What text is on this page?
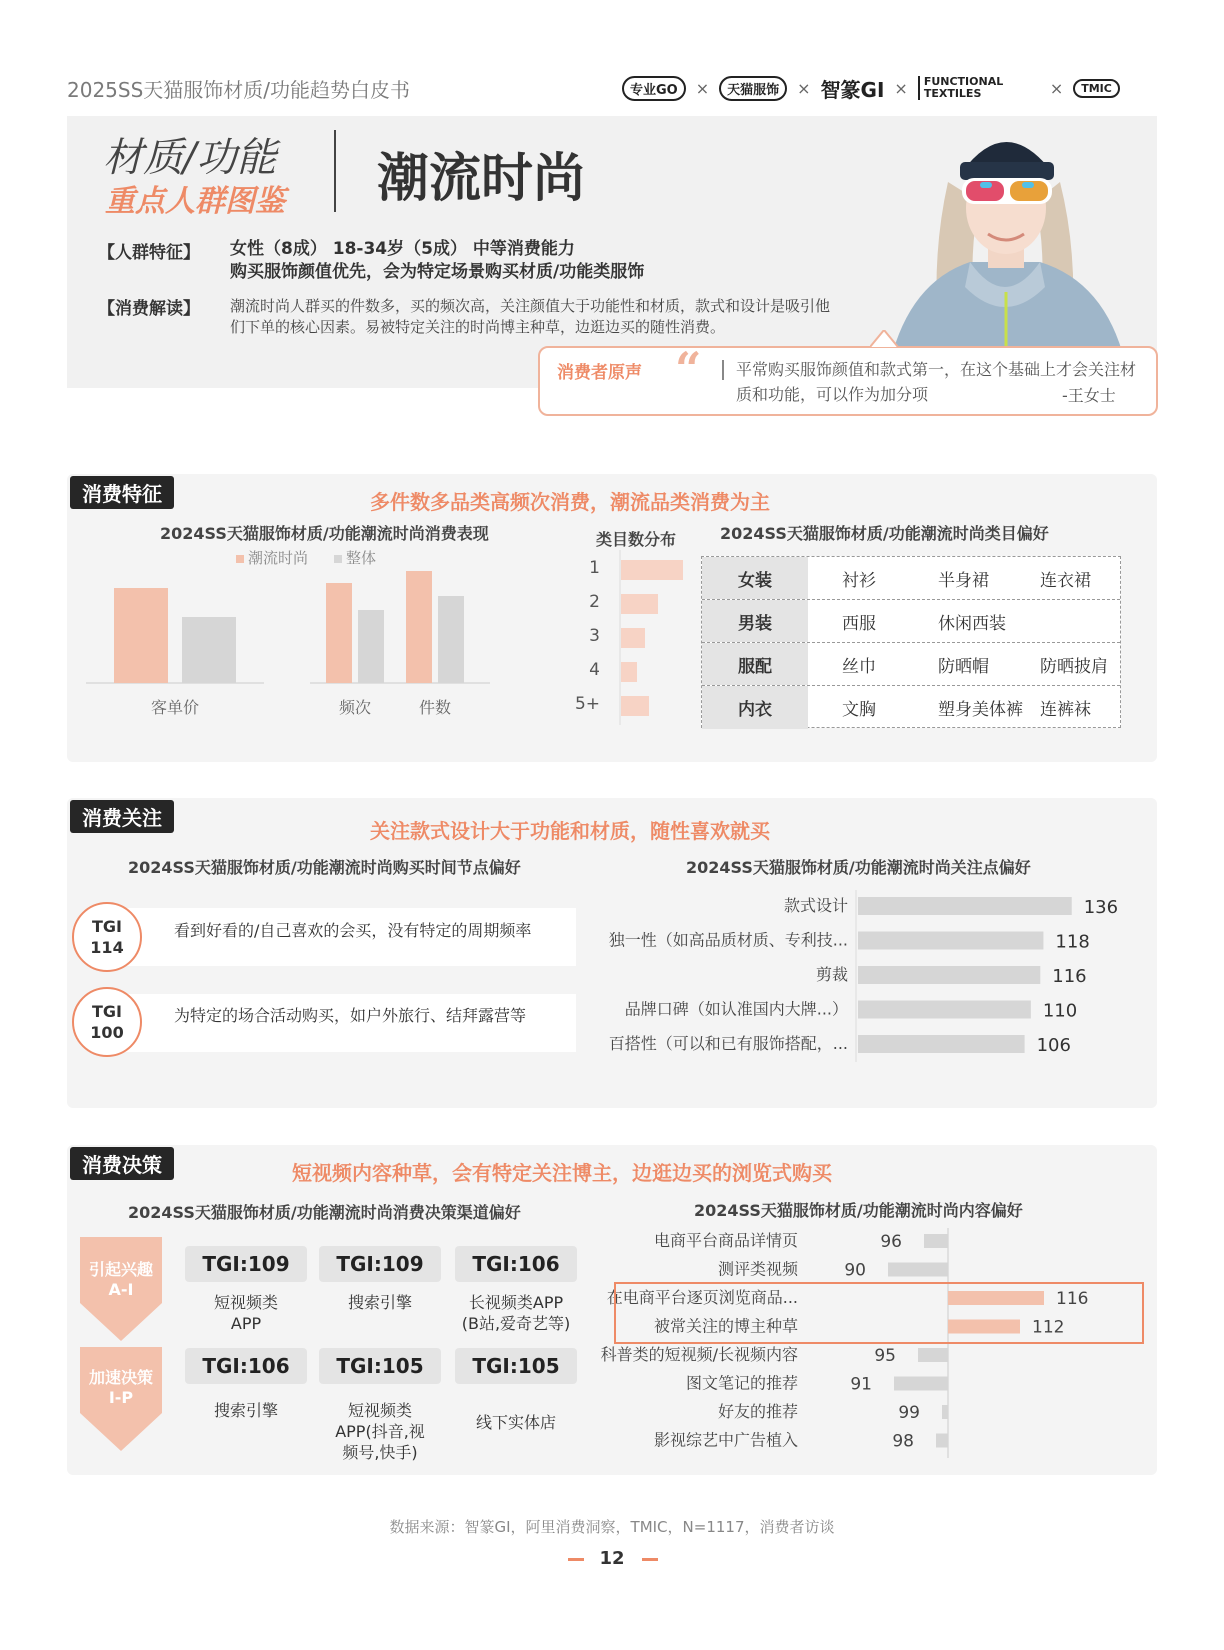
2025SS天猫服饰材质/功能趋势白皮书	专业GO	×	天猫服饰	× 智篆GI ×	FUNCTIONAL TEXTILES	×	TMIC
材质/功能
重点人群图鉴 潮流时尚
【人群特征】 女性（8成） 18-34岁（5成） 中等消费能力
购买服饰颜值优先，会为特定场景购买材质/功能类服饰
【消费解读】 潮流时尚人群买的件数多，买的频次高，关注颜值大于功能性和材质，款式和设计是吸引他们下单的核心因素。易被特定关注的时尚博主种草，边逛边买的随性消费。
消费者原声 “ 平常购买服饰颜值和款式第一，在这个基础上才会关注材质和功能，可以作为加分项	-王女士
消费特征	多件数多品类高频次消费，潮流品类消费为主
2024SS天猫服饰材质/功能潮流时尚消费表现	类目数分布	2024SS天猫服饰材质/功能潮流时尚类目偏好
潮流时尚	整体
客单价	频次	件数
1
2
3
4
5+
女装	衬衫	半身裙	连衣裙
男装	西服	休闲西装
服配	丝巾	防晒帽	防晒披肩
内衣	文胸	塑身美体裤 连裤袜
消费关注
关注款式设计大于功能和材质，随性喜欢就买
2024SS天猫服饰材质/功能潮流时尚购买时间节点偏好	2024SS天猫服饰材质/功能潮流时尚关注点偏好
TGI
114
看到好看的/自己喜欢的会买，没有特定的周期频率
TGI
100
为特定的场合活动购买，如户外旅行、结拜露营等
款式设计	136
独一性（如高品质材质、专利技...	118
剪裁	116
品牌口碑（如认准国内大牌...）	110
百搭性（可以和已有服饰搭配，...	106
消费决策	短视频内容种草，会有特定关注博主，边逛边买的浏览式购买
2024SS天猫服饰材质/功能潮流时尚消费决策渠道偏好	2024SS天猫服饰材质/功能潮流时尚内容偏好
引起兴趣
A-I
加速决策
I-P
TGI:109	TGI:109	TGI:106
短视频类
APP
搜索引擎	长视频类APP
(B站,爱奇艺等)
TGI:106	TGI:105	TGI:105
搜索引擎	短视频类
APP(抖音,视
频号,快手)
线下实体店
电商平台商品详情页	96
测评类视频	90
在电商平台逐页浏览商品...	116
被常关注的博主种草	112
科普类的短视频/长视频内容	95
图文笔记的推荐	91
好友的推荐	99
影视综艺中广告植入	98
数据来源：智篆GI，阿里消费洞察，TMIC，N=1117，消费者访谈
12
